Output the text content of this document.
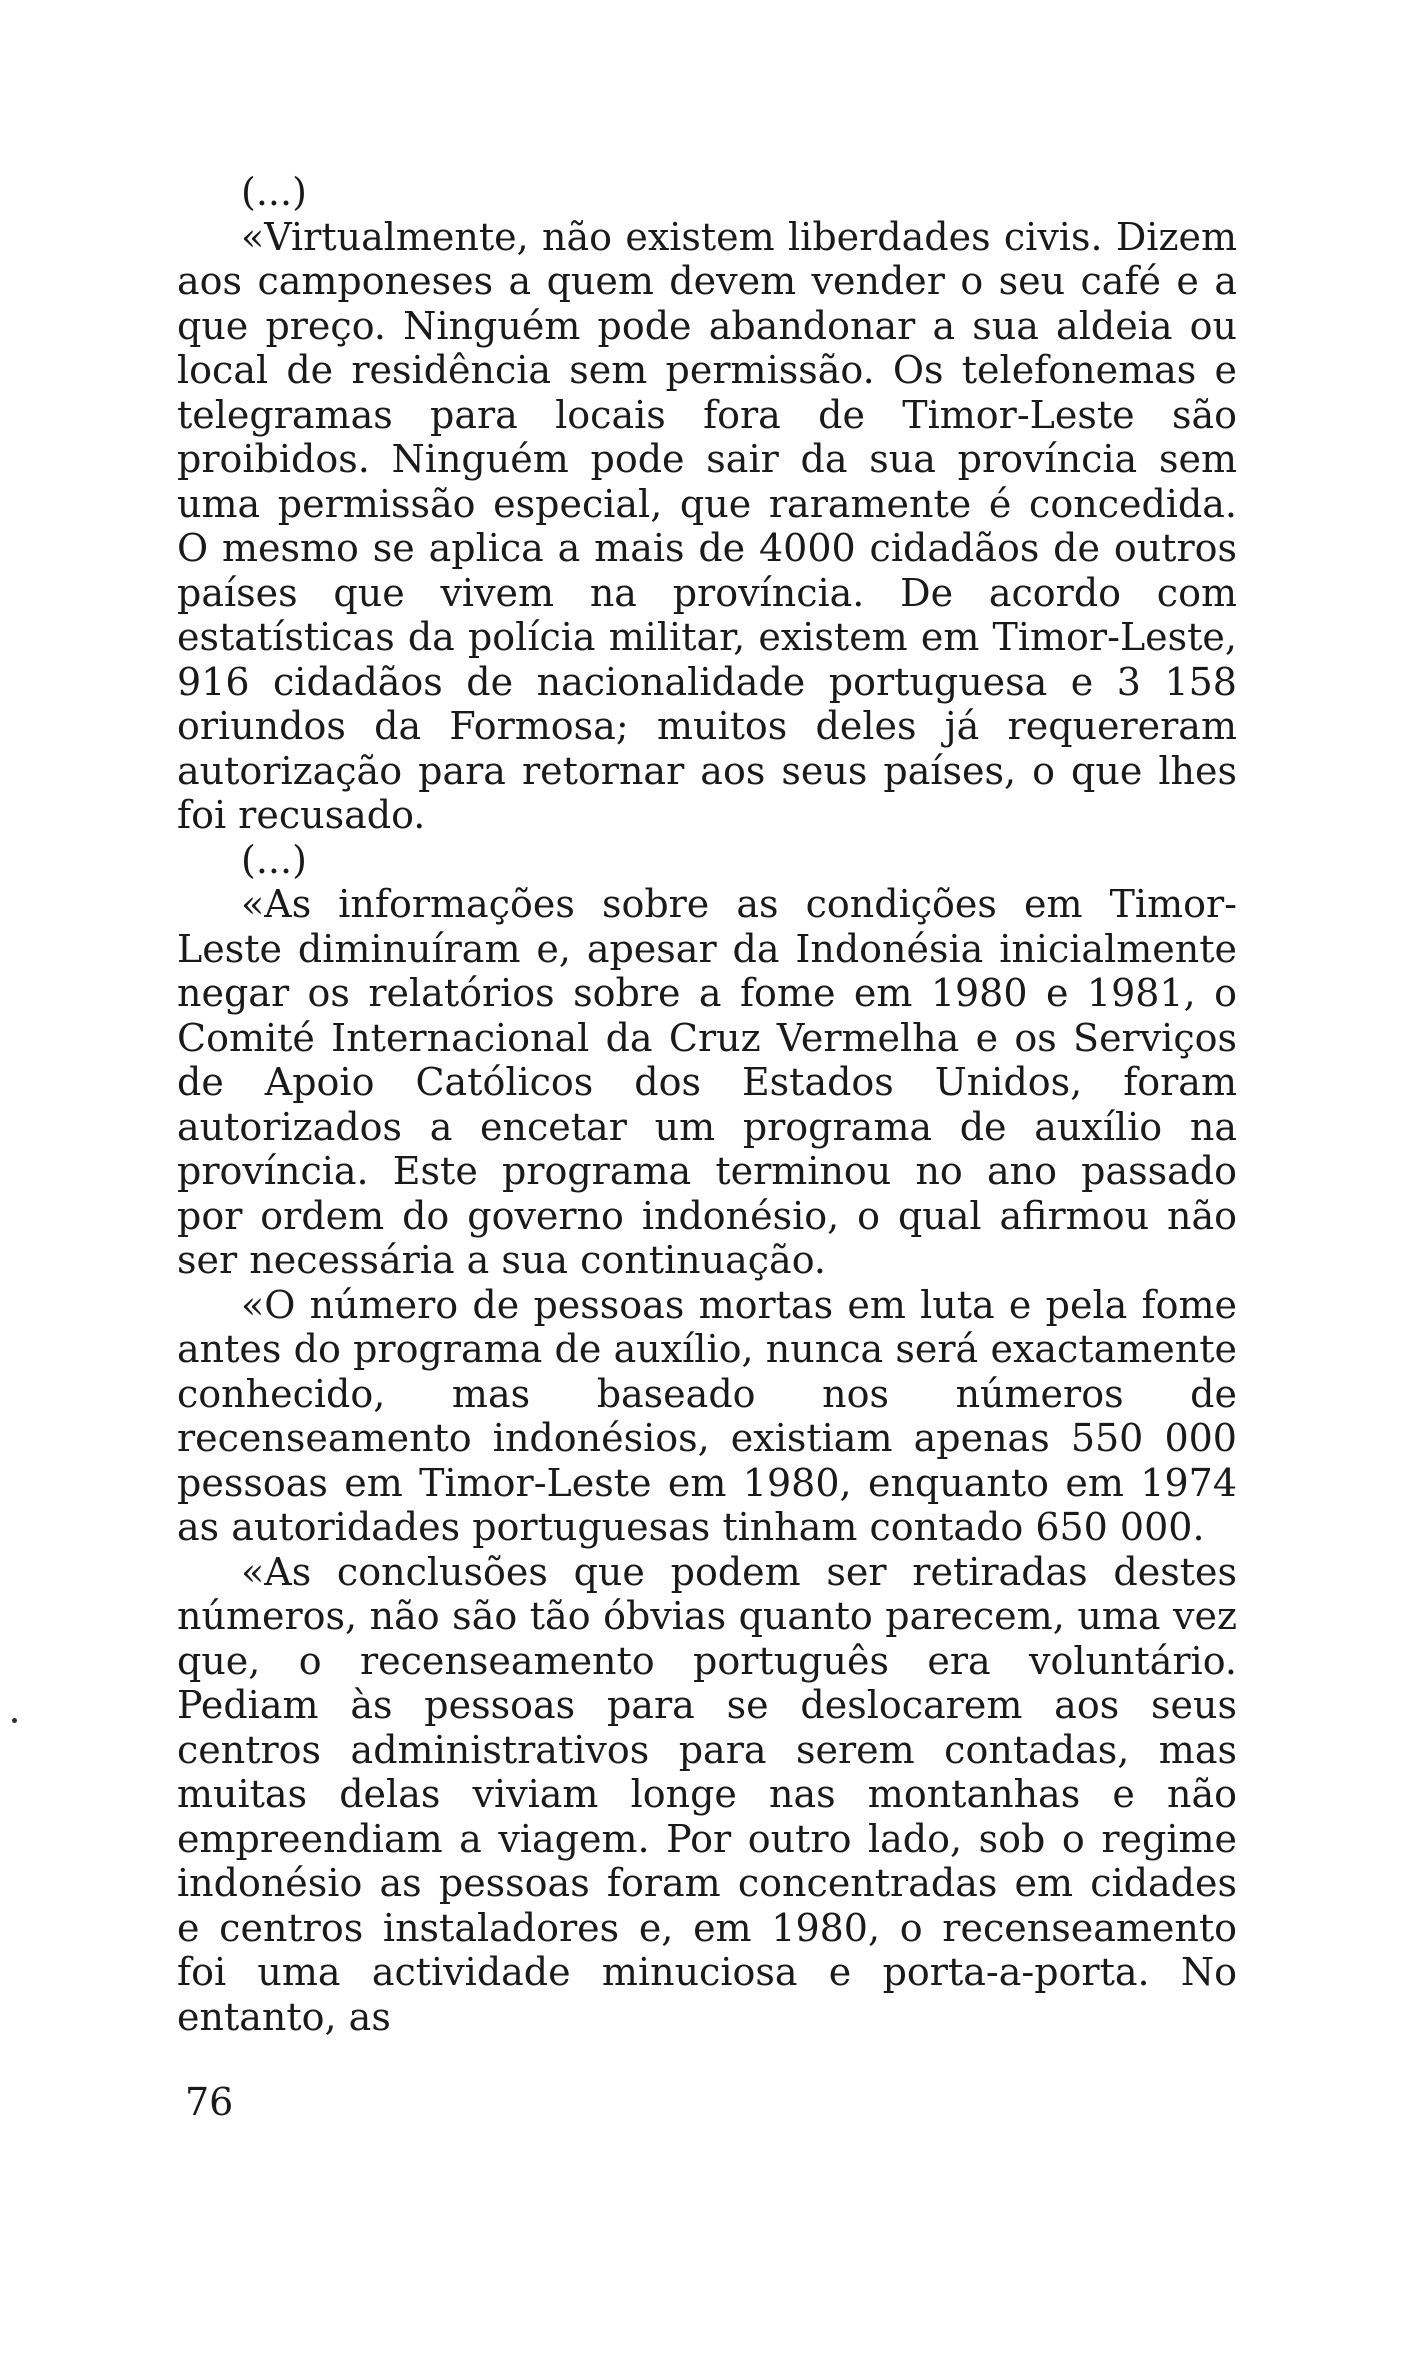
(...)

«Virtualmente, não existem liberdades civis. Dizem aos camponeses a quem devem vender o seu café e a que preço. Ninguém pode abandonar a sua aldeia ou local de residência sem permissão. Os telefonemas e telegramas para locais fora de Timor-Leste são proibidos. Ninguém pode sair da sua província sem uma permissão especial, que raramente é concedida. O mesmo se aplica a mais de 4000 cidadãos de outros países que vivem na província. De acordo com estatísticas da polícia militar, existem em Timor-Leste, 916 cidadãos de nacionalidade portuguesa e 3 158 oriundos da Formosa; muitos deles já requereram autorização para retornar aos seus países, o que lhes foi recusado.

(...)

«As informações sobre as condições em Timor-Leste diminuíram e, apesar da Indonésia inicialmente negar os relatórios sobre a fome em 1980 e 1981, o Comité Internacional da Cruz Vermelha e os Serviços de Apoio Católicos dos Estados Unidos, foram autorizados a encetar um programa de auxílio na província. Este programa terminou no ano passado por ordem do governo indonésio, o qual afirmou não ser necessária a sua continuação.

«O número de pessoas mortas em luta e pela fome antes do programa de auxílio, nunca será exactamente conhecido, mas baseado nos números de recenseamento indonésios, existiam apenas 550 000 pessoas em Timor-Leste em 1980, enquanto em 1974 as autoridades portuguesas tinham contado 650 000.

«As conclusões que podem ser retiradas destes números, não são tão óbvias quanto parecem, uma vez que, o recenseamento português era voluntário. Pediam às pessoas para se deslocarem aos seus centros administrativos para serem contadas, mas muitas delas viviam longe nas montanhas e não empreendiam a viagem. Por outro lado, sob o regime indonésio as pessoas foram concentradas em cidades e centros instaladores e, em 1980, o recenseamento foi uma actividade minuciosa e porta-a-porta. No entanto, as

76
